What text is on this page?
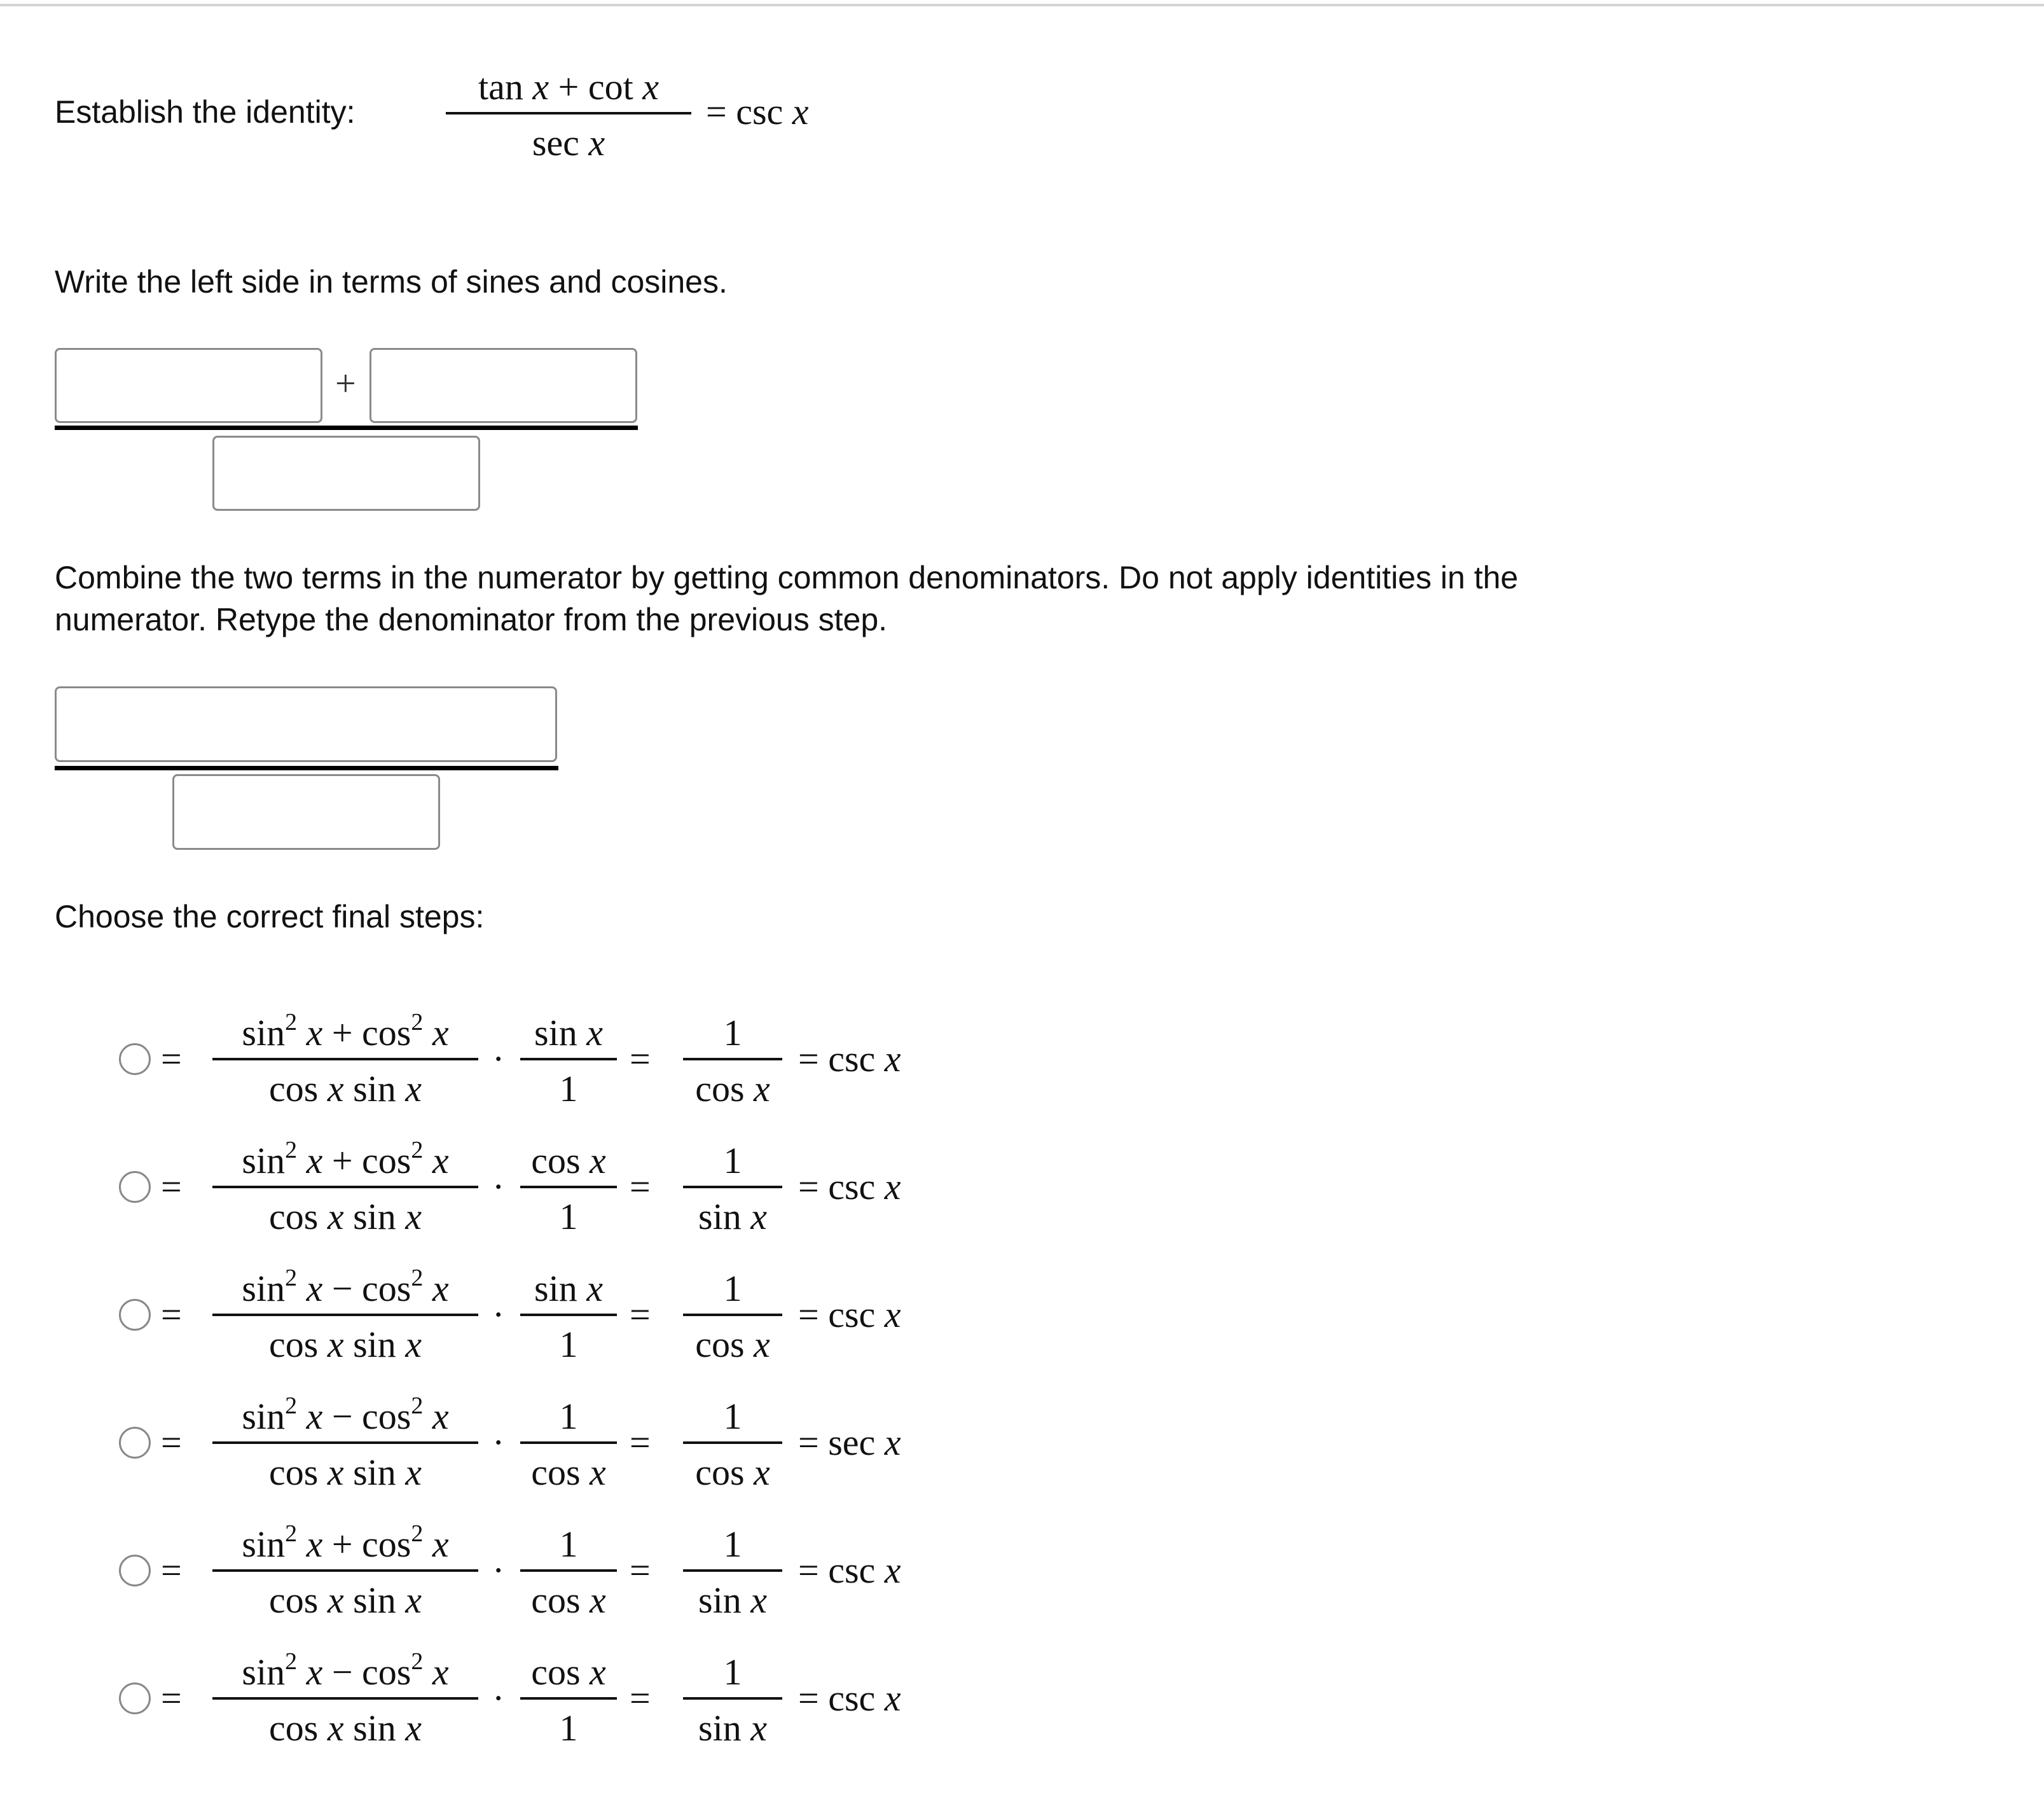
Establish the identity:
tan x + cot x
sec x
= csc x
Write the left side in terms of sines and cosines.
+
Combine the two terms in the numerator by getting common denominators. Do not apply identities in the
numerator. Retype the denominator from the previous step.
Choose the correct final steps:
=
$\sin^2 x + \cos^2 x$
cos x sin x
·
sin x
1
=
1
cos x
= csc x
=
$\sin^2 x + \cos^2 x$
cos x sin x
·
cos x
1
=
1
sin x
= csc x
=
$\sin^2 x - \cos^2 x$
cos x sin x
·
sin x
1
=
1
cos x
= csc x
=
$\sin^2 x - \cos^2 x$
cos x sin x
·
1
cos x
=
1
cos x
= sec x
=
$\sin^2 x + \cos^2 x$
cos x sin x
·
1
cos x
=
1
sin x
= csc x
=
$\sin^2 x - \cos^2 x$
cos x sin x
·
cos x
1
=
1
sin x
= csc x
